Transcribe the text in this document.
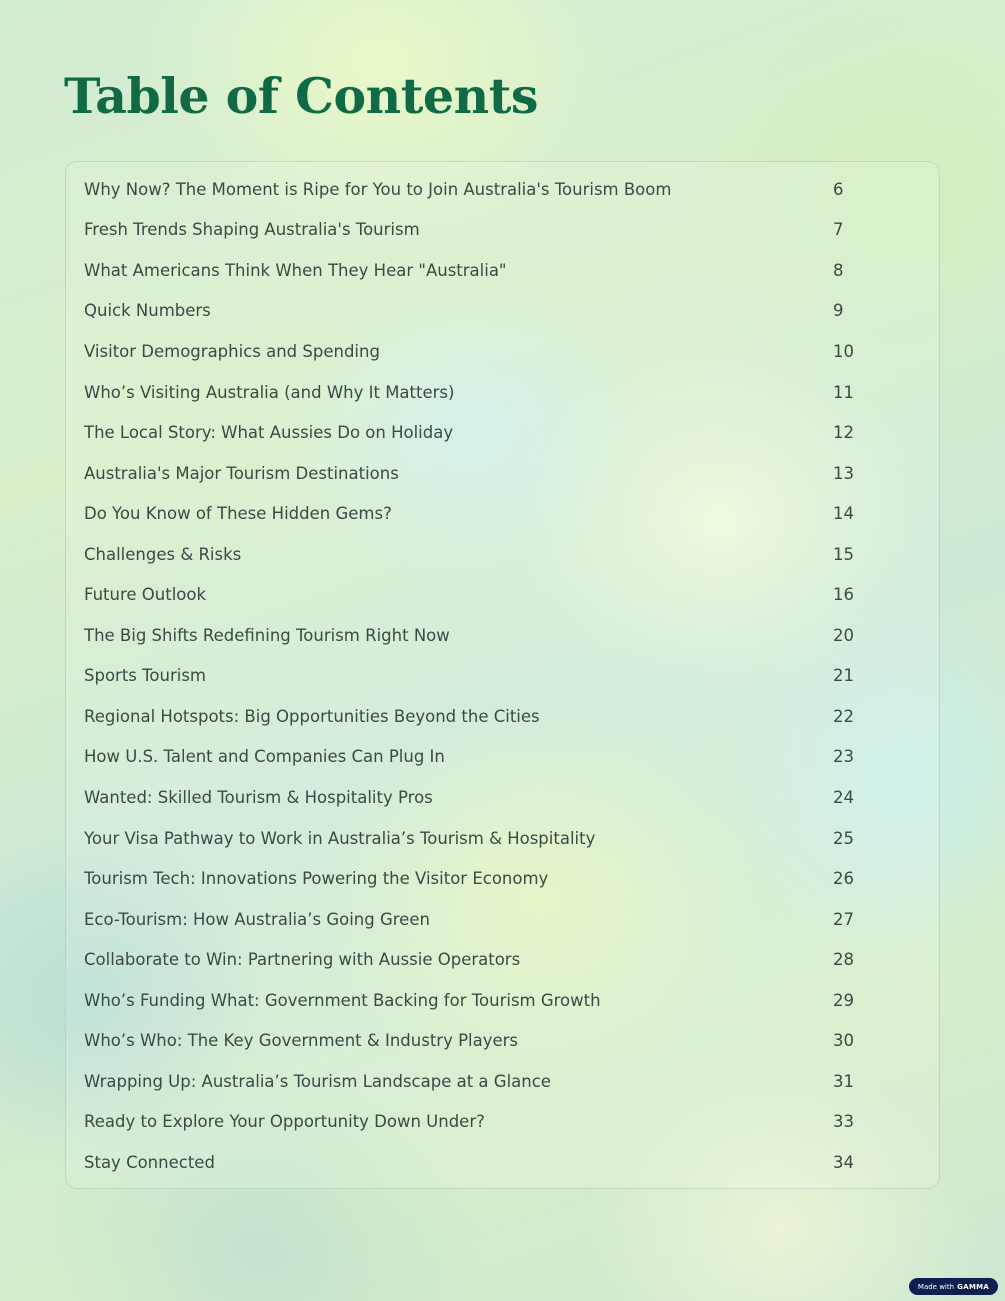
Table of Contents
Why Now? The Moment is Ripe for You to Join Australia's Tourism Boom	6
Fresh Trends Shaping Australia's Tourism	7
What Americans Think When They Hear "Australia"	8
Quick Numbers	9
Visitor Demographics and Spending	10
Who’s Visiting Australia (and Why It Matters)	11
The Local Story: What Aussies Do on Holiday	12
Australia's Major Tourism Destinations	13
Do You Know of These Hidden Gems?	14
Challenges & Risks	15
Future Outlook	16
The Big Shifts Redefining Tourism Right Now	20
Sports Tourism	21
Regional Hotspots: Big Opportunities Beyond the Cities	22
How U.S. Talent and Companies Can Plug In	23
Wanted: Skilled Tourism & Hospitality Pros	24
Your Visa Pathway to Work in Australia’s Tourism & Hospitality	25
Tourism Tech: Innovations Powering the Visitor Economy	26
Eco-Tourism: How Australia’s Going Green	27
Collaborate to Win: Partnering with Aussie Operators	28
Who’s Funding What: Government Backing for Tourism Growth	29
Who’s Who: The Key Government & Industry Players	30
Wrapping Up: Australia’s Tourism Landscape at a Glance	31
Ready to Explore Your Opportunity Down Under?	33
Stay Connected	34
Made with GAMMA
